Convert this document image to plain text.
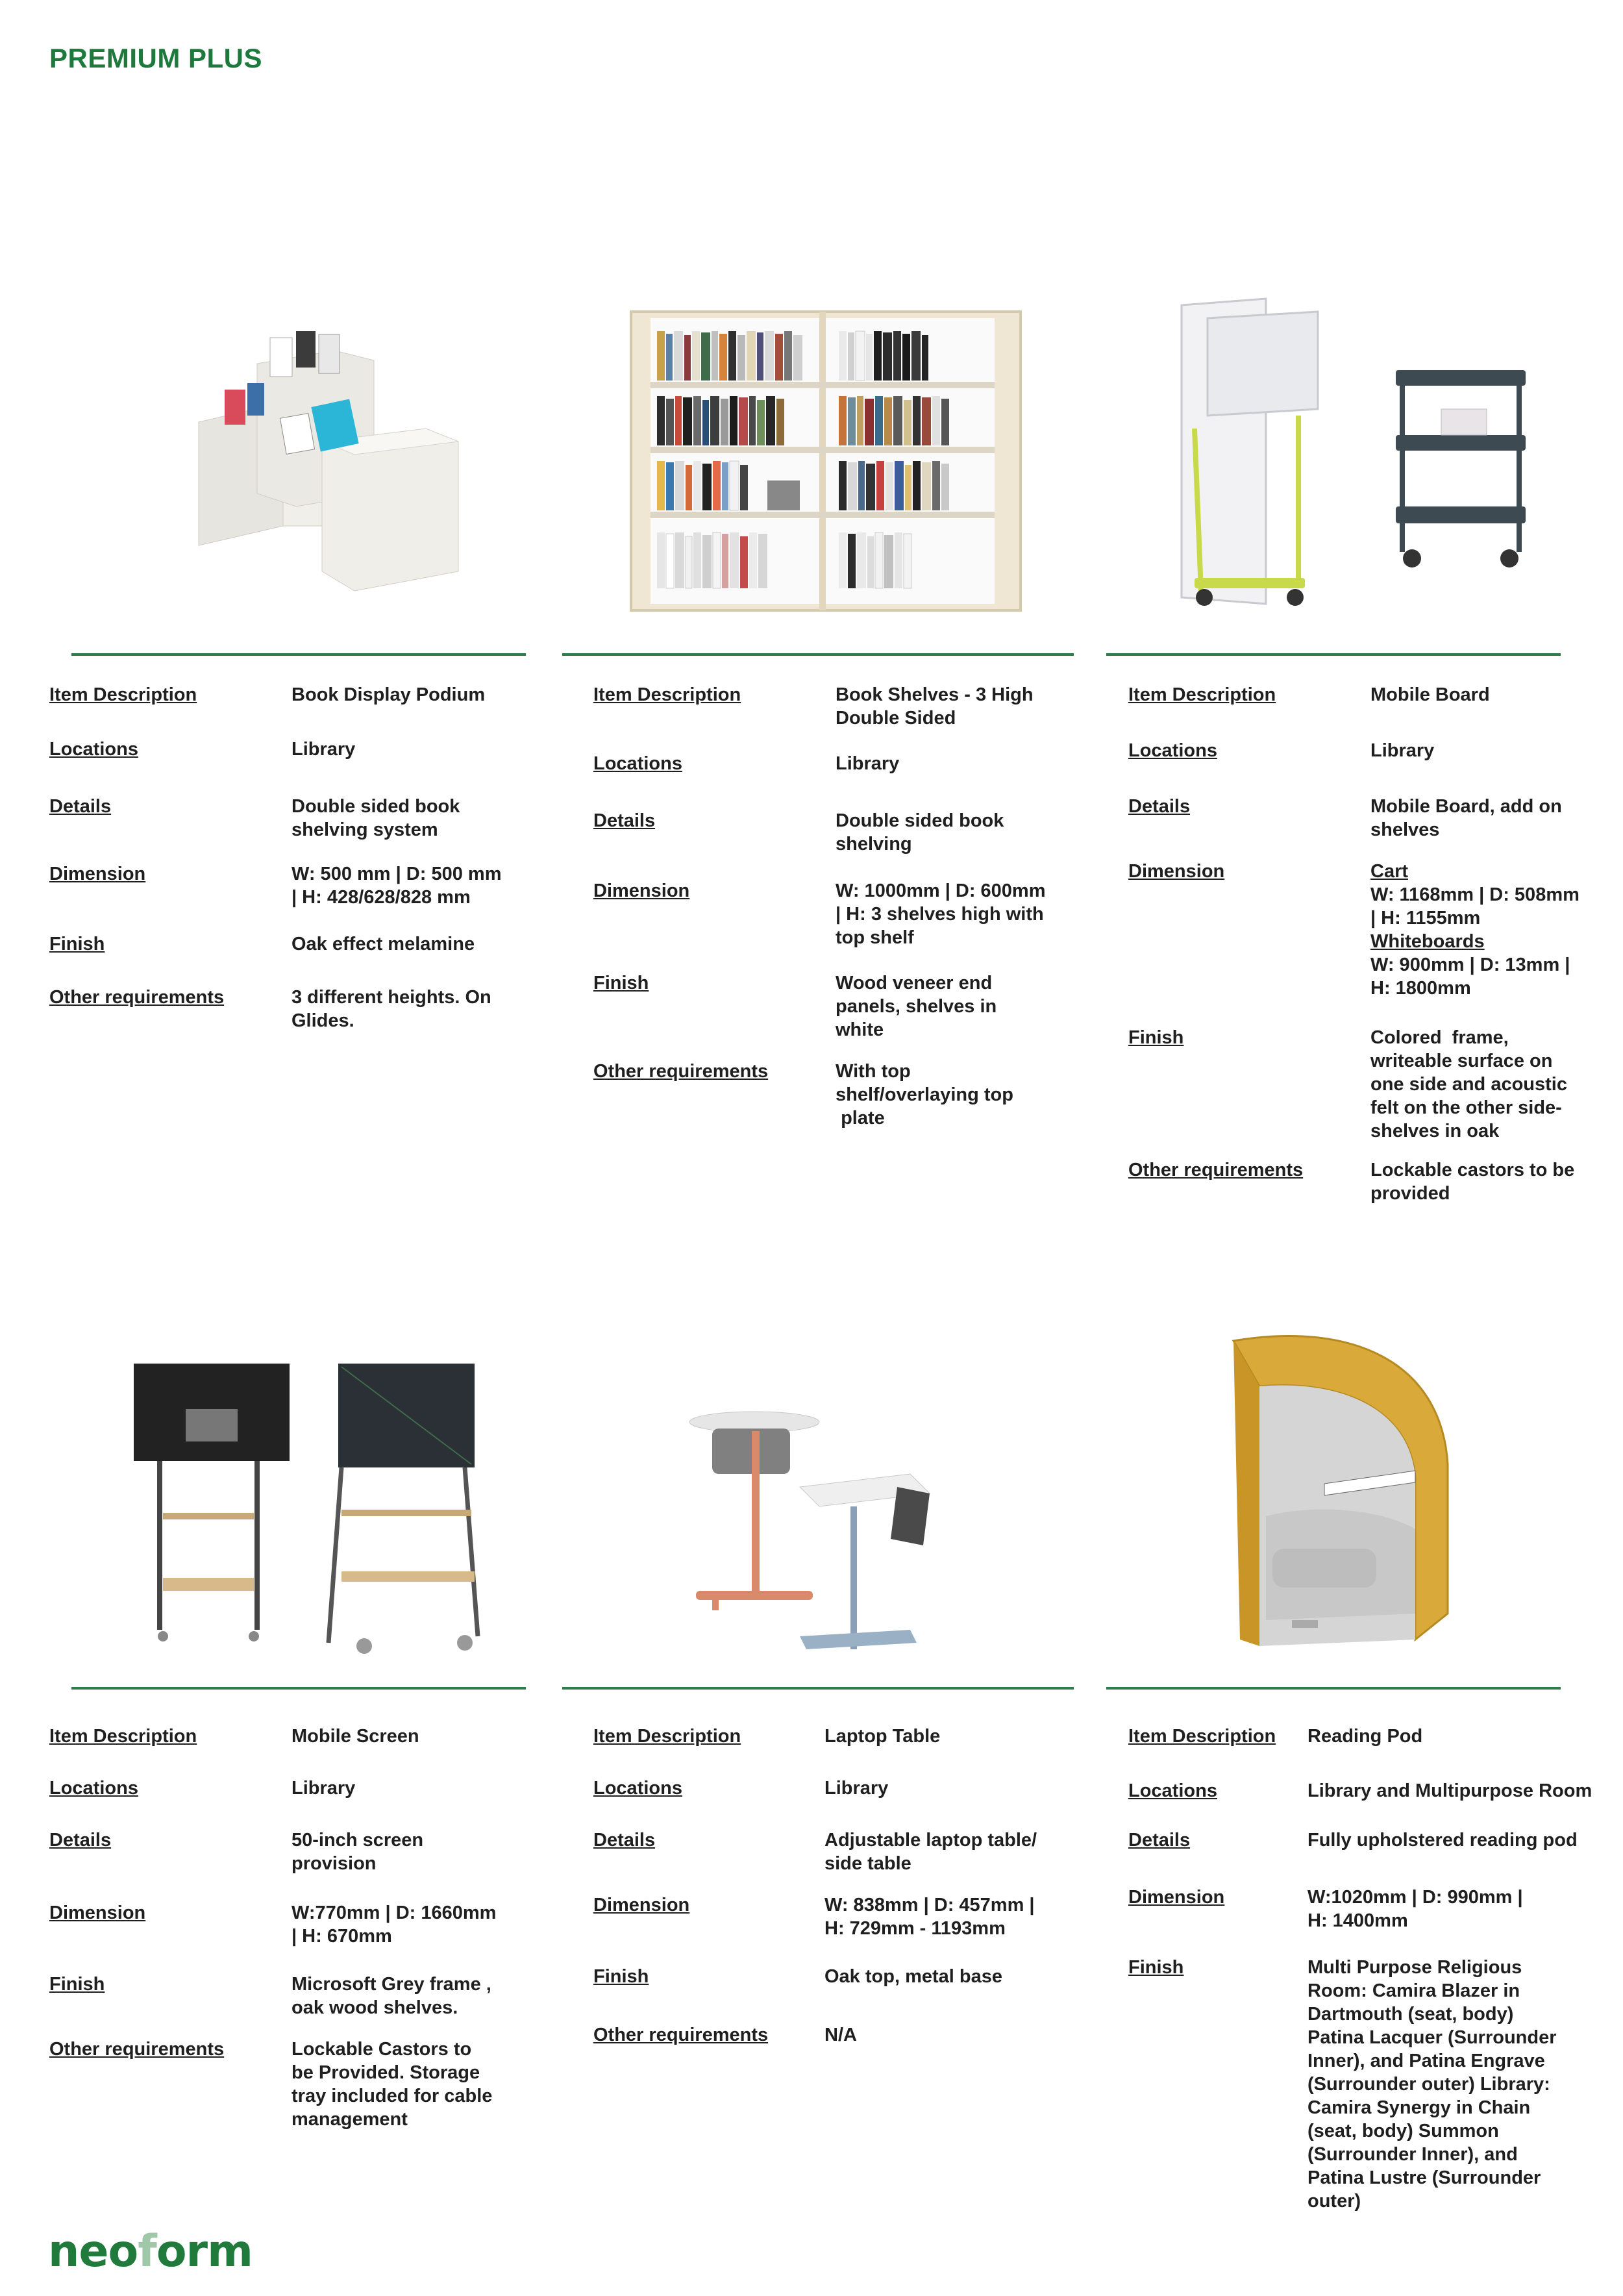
PREMIUM PLUS
Item Description	Book Display Podium
Locations	Library
Details	Double sided book
shelving system
Dimension	W: 500 mm | D: 500 mm
| H: 428/628/828 mm
Finish	Oak effect melamine
Other requirements	3 different heights. On
Glides.
Item Description	Book Shelves - 3 High
Double Sided
Locations	Library
Details	Double sided book
shelving
Dimension	W: 1000mm | D: 600mm
| H: 3 shelves high with
top shelf
Finish	Wood veneer end
panels, shelves in
white
Other requirements	With top
shelf/overlaying top
plate
Item Description	Mobile Board
Locations	Library
Details	Mobile Board, add on
shelves
Dimension	Cart
W: 1168mm | D: 508mm
| H: 1155mm
Whiteboards
W: 900mm | D: 13mm |
H: 1800mm
Finish	Colored  frame,
writeable surface on
one side and acoustic
felt on the other side-
shelves in oak
Other requirements	Lockable castors to be
provided
Item Description	Mobile Screen
Locations	Library
Details	50-inch screen
provision
Dimension	W:770mm | D: 1660mm
| H: 670mm
Finish	Microsoft Grey frame ,
oak wood shelves.
Other requirements	Lockable Castors to
be Provided. Storage
tray included for cable
management
Item Description	Laptop Table
Locations	Library
Details	Adjustable laptop table/
side table
Dimension	W: 838mm | D: 457mm |
H: 729mm - 1193mm
Finish	Oak top, metal base
Other requirements	N/A
Item Description Reading Pod
Locations	Library and Multipurpose Room
Details	Fully upholstered reading pod
Dimension	W:1020mm | D: 990mm |
H: 1400mm
Finish	Multi Purpose Religious
Room: Camira Blazer in
Dartmouth (seat, body)
Patina Lacquer (Surrounder
Inner), and Patina Engrave
(Surrounder outer) Library:
Camira Synergy in Chain
(seat, body) Summon
(Surrounder Inner), and
Patina Lustre (Surrounder
outer)
neoform
